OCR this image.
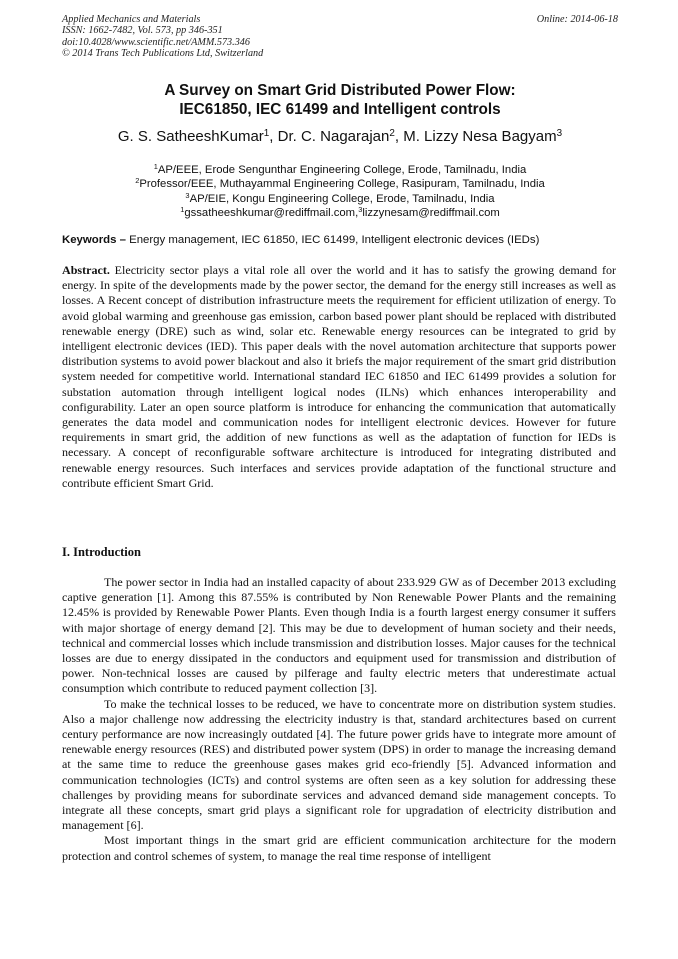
Applied Mechanics and Materials
ISSN: 1662-7482, Vol. 573, pp 346-351
doi:10.4028/www.scientific.net/AMM.573.346
© 2014 Trans Tech Publications Ltd, Switzerland
Online: 2014-06-18
A Survey on Smart Grid Distributed Power Flow:
IEC61850, IEC 61499 and Intelligent controls
G. S. SatheeshKumar$^1$, Dr. C. Nagarajan$^2$, M. Lizzy Nesa Bagyam$^3$
$^1$AP/EEE, Erode Sengunthar Engineering College, Erode, Tamilnadu, India
$^2$Professor/EEE, Muthayammal Engineering College, Rasipuram, Tamilnadu, India
$^3$AP/EIE, Kongu Engineering College, Erode, Tamilnadu, India
$^1$gssatheeshkumar@rediffmail.com,$^3$lizzynesam@rediffmail.com
Keywords – Energy management, IEC 61850, IEC 61499, Intelligent electronic devices (IEDs)
Abstract. Electricity sector plays a vital role all over the world and it has to satisfy the growing demand for energy. In spite of the developments made by the power sector, the demand for the energy still increases as well as losses. A Recent concept of distribution infrastructure meets the requirement for efficient utilization of energy. To avoid global warming and greenhouse gas emission, carbon based power plant should be replaced with distributed renewable energy (DRE) such as wind, solar etc. Renewable energy resources can be integrated to grid by intelligent electronic devices (IED). This paper deals with the novel automation architecture that supports power distribution systems to avoid power blackout and also it briefs the major requirement of the smart grid distribution system needed for competitive world. International standard IEC 61850 and IEC 61499 provides a solution for substation automation through intelligent logical nodes (ILNs) which enhances interoperability and configurability. Later an open source platform is introduce for enhancing the communication that automatically generates the data model and communication nodes for intelligent electronic devices. However for future requirements in smart grid, the addition of new functions as well as the adaptation of function for IEDs is necessary. A concept of reconfigurable software architecture is introduced for integrating distributed and renewable energy resources. Such interfaces and services provide adaptation of the functional structure and contribute efficient Smart Grid.
I. Introduction

The power sector in India had an installed capacity of about 233.929 GW as of December 2013 excluding captive generation [1]. Among this 87.55% is contributed by Non Renewable Power Plants and the remaining 12.45% is provided by Renewable Power Plants. Even though India is a fourth largest energy consumer it suffers with major shortage of energy demand [2]. This may be due to development of human society and their needs, technical and commercial losses which include transmission and distribution losses. Major causes for the technical losses are due to energy dissipated in the conductors and equipment used for transmission and distribution of power. Non-technical losses are caused by pilferage and faulty electric meters that underestimate actual consumption which contribute to reduced payment collection [3].

To make the technical losses to be reduced, we have to concentrate more on distribution system studies. Also a major challenge now addressing the electricity industry is that, standard architectures based on current century performance are now increasingly outdated [4]. The future power grids have to integrate more amount of renewable energy resources (RES) and distributed power system (DPS) in order to manage the increasing demand at the same time to reduce the greenhouse gases makes grid eco-friendly [5]. Advanced information and communication technologies (ICTs) and control systems are often seen as a key solution for addressing these challenges by providing means for subordinate services and advanced demand side management concepts. To integrate all these concepts, smart grid plays a significant role for upgradation of electricity distribution and management [6].

Most important things in the smart grid are efficient communication architecture for the modern protection and control schemes of system, to manage the real time response of intelligent
